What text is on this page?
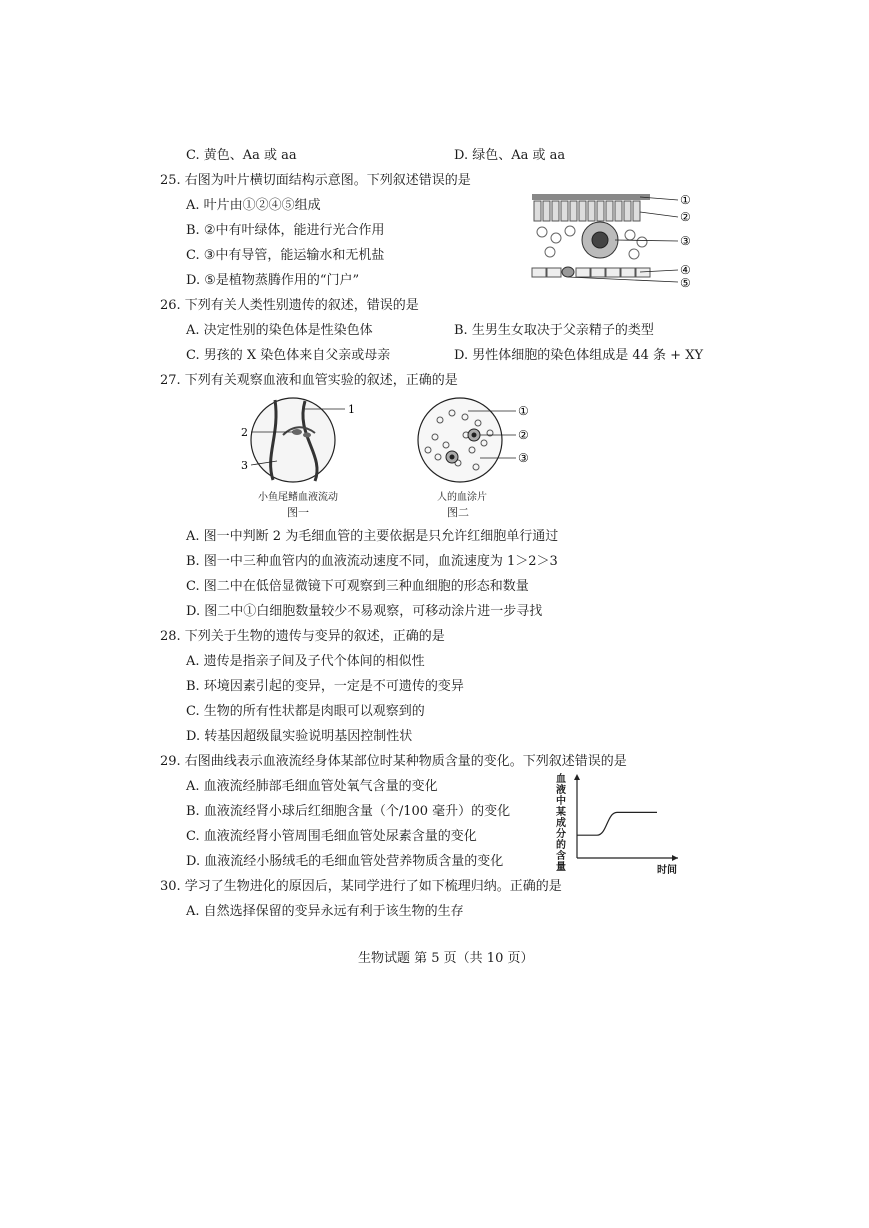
C. 黄色、Aa 或 aa	D. 绿色、Aa 或 aa
25. 右图为叶片横切面结构示意图。下列叙述错误的是
A. 叶片由①②④⑤组成
B. ②中有叶绿体，能进行光合作用
C. ③中有导管，能运输水和无机盐
D. ⑤是植物蒸腾作用的“门户”
①
②
③
④
⑤
26. 下列有关人类性别遗传的叙述，错误的是
A. 决定性别的染色体是性染色体	B. 生男生女取决于父亲精子的类型
C. 男孩的 X 染色体来自父亲或母亲	D. 男性体细胞的染色体组成是 44 条 + XY
27. 下列有关观察血液和血管实验的叙述，正确的是
1
2
3
小鱼尾鳍血液流动
图一
①
②
③
人的血涂片
图二
A. 图一中判断 2 为毛细血管的主要依据是只允许红细胞单行通过
B. 图一中三种血管内的血液流动速度不同，血流速度为 1＞2＞3
C. 图二中在低倍显微镜下可观察到三种血细胞的形态和数量
D. 图二中①白细胞数量较少不易观察，可移动涂片进一步寻找
28. 下列关于生物的遗传与变异的叙述，正确的是
A. 遗传是指亲子间及子代个体间的相似性
B. 环境因素引起的变异，一定是不可遗传的变异
C. 生物的所有性状都是肉眼可以观察到的
D. 转基因超级鼠实验说明基因控制性状
29. 右图曲线表示血液流经身体某部位时某种物质含量的变化。下列叙述错误的是
A. 血液流经肺部毛细血管处氧气含量的变化
B. 血液流经肾小球后红细胞含量（个/100 毫升）的变化
C. 血液流经肾小管周围毛细血管处尿素含量的变化
D. 血液流经小肠绒毛的毛细血管处营养物质含量的变化
血液中某成分的含量	时间
30. 学习了生物进化的原因后，某同学进行了如下梳理归纳。正确的是
A. 自然选择保留的变异永远有利于该生物的生存
生物试题 第 5 页（共 10 页）
